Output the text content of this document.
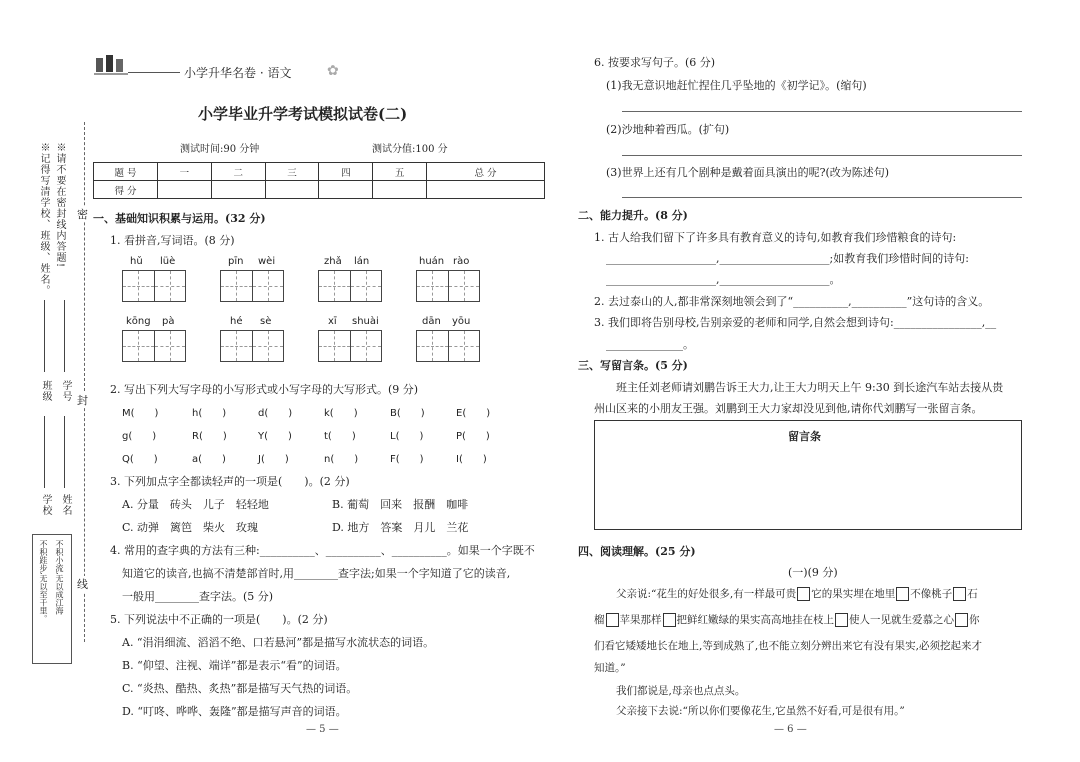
小学升华名卷 · 语文	✿
※请不要在密封线内答题!
※记得写清学校、班级、姓名。	密
封
线
班级 学号
学校 姓名
不积小流,无以成江海
不积跬步,无以至千里。
小学毕业升学考试模拟试卷(二)
测试时间:90 分钟	测试分值:100 分
题 号	一	二	三	四	五	总 分
得 分						
一、基础知识积累与运用。(32 分)
1. 看拼音,写词语。(8 分)
hǔ lüè	pīn wèi	zhǎ lán	huán rào
kōng pà	hé sè	xī shuài	dān yōu
2. 写出下列大写字母的小写形式或小写字母的大写形式。(9 分)
M(　　)	h(　　)	d(　　)	k(　　)	B(　　)	E(　　)
g(　　)	R(　　)	Y(　　)	t(　　)	L(　　)	P(　　)
Q(　　)	a(　　)	J(　　)	n(　　)	F(　　)	I(　　)
3. 下列加点字全都读轻声的一项是(　　)。(2 分)
A. 分量　砖头　儿子　轻轻地	B. 葡萄　回来　报酬　咖啡
C. 动弹　篱笆　柴火　玫瑰	D. 地方　答案　月儿　兰花
4. 常用的查字典的方法有三种:__________、__________、__________。如果一个字既不
知道它的读音,也搞不清楚部首时,用________查字法;如果一个字知道了它的读音,
一般用________查字法。(5 分)
5. 下列说法中不正确的一项是(　　)。(2 分)
A. “涓涓细流、滔滔不绝、口若悬河”都是描写水流状态的词语。
B. “仰望、注视、端详”都是表示“看”的词语。
C. “炎热、酷热、炙热”都是描写天气热的词语。
D. “叮咚、哗哗、轰隆”都是描写声音的词语。
— 5 —
6. 按要求写句子。(6 分)
(1)我无意识地赶忙捏住几乎坠地的《初学记》。(缩句)
(2)沙地种着西瓜。(扩句)
(3)世界上还有几个剧种是戴着面具演出的呢?(改为陈述句)
二、能力提升。(8 分)
1. 古人给我们留下了许多具有教育意义的诗句,如教育我们珍惜粮食的诗句:
____________________,____________________;如教育我们珍惜时间的诗句:
____________________,____________________。
2. 去过泰山的人,都非常深刻地领会到了“__________,__________”这句诗的含义。
3. 我们即将告别母校,告别亲爱的老师和同学,自然会想到诗句:________________,__
______________。
三、写留言条。(5 分)
班主任刘老师请刘鹏告诉王大力,让王大力明天上午 9:30 到长途汽车站去接从贵
州山区来的小朋友王强。刘鹏到王大力家却没见到他,请你代刘鹏写一张留言条。
留言条
四、阅读理解。(25 分)
(一)(9 分)
父亲说:“花生的好处很多,有一样最可贵 它的果实埋在地里 不像桃子 石
榴 苹果那样 把鲜红嫩绿的果实高高地挂在枝上 使人一见就生爱慕之心 你
们看它矮矮地长在地上,等到成熟了,也不能立刻分辨出来它有没有果实,必须挖起来才
知道。”
我们都说是,母亲也点点头。
父亲接下去说:“所以你们要像花生,它虽然不好看,可是很有用。”
— 6 —
